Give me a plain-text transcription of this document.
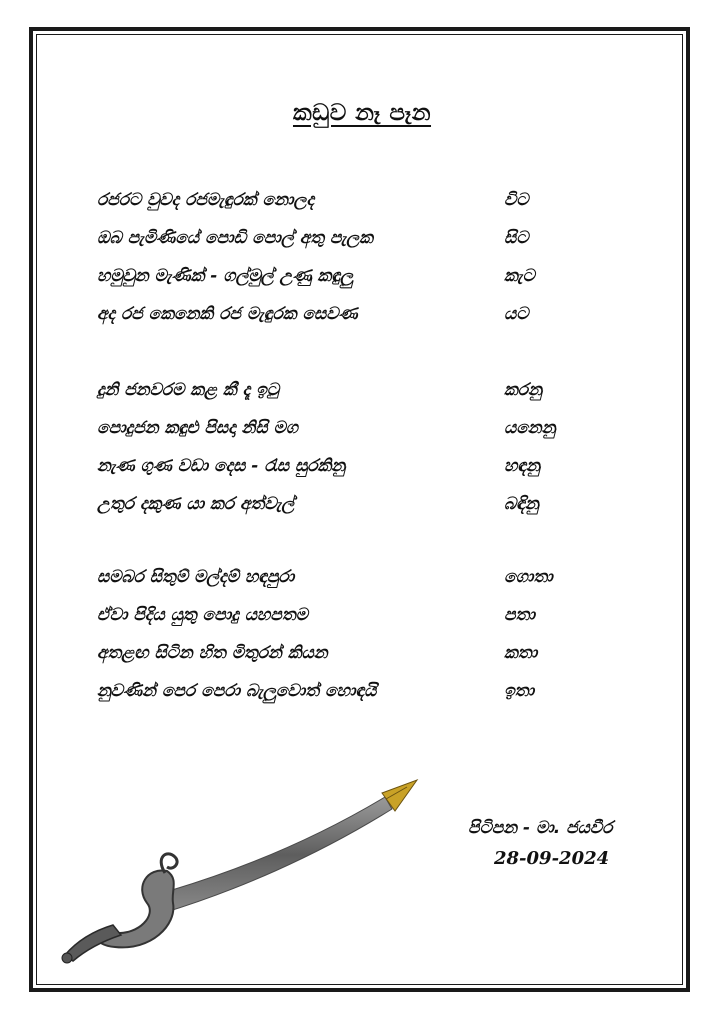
කඩුව නෑ පෑන
රජරට වුවද රජමැඳුරක් නොලද	විට
ඔබ පැමිණියේ පොඩි පොල් අතු පැලක	සිට
හමුවුන මැණික් - ගල්මුල් උණු කඳුලු	කැට
අද රජ කෙනෙකි රජ මැඳුරක සෙවණ	යට
දුනි ජනවරම කළ කී දෑ ඉටු	කරනු
පොදුජන කඳුළු පිසදා නිසි මග	යනෙනු
නැණ ගුණ වඩා දෙස - රැස සුරකිනු	හඳනු
උතුර දකුණ යා කර අත්වැල්	බඳිනු
සමබර සිතුම් මල්දම් හඳපුරා	ගොතා
ඒවා පිදිය යුතු පොදු යහපතම	පතා
අතළඟ සිටින හිත මිතුරන් කියන	කතා
නුවණින් පෙර පෙරා බැලුවොත් හොඳයි	ඉතා
පිටිපන - මා. ජයවීර
28-09-2024
